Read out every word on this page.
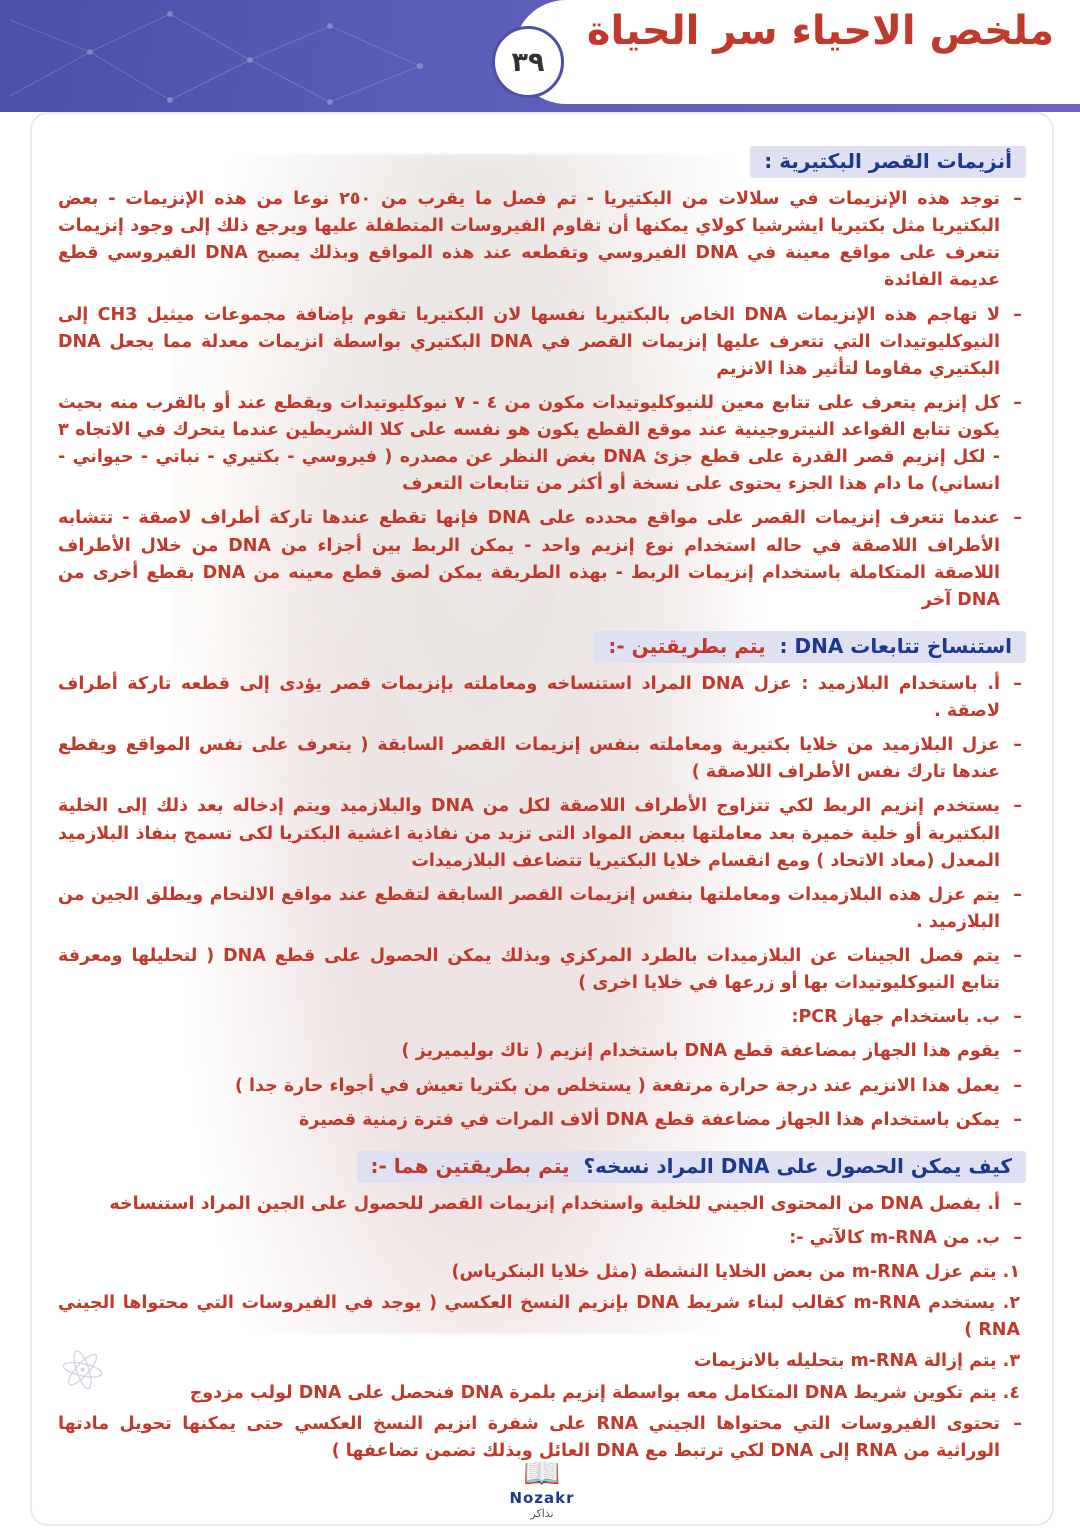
ملخص الاحياء سر الحياة
٣٩
⚛
أنزيمات القصر البكتيرية :
– توجد هذه الإنزيمات في سلالات من البكتيريا - تم فصل ما يقرب من ٢٥٠ نوعا من هذه الإنزيمات - بعض البكتيريا مثل بكتيريا ايشرشيا كولاي يمكنها أن تقاوم الفيروسات المتطفلة عليها ويرجع ذلك إلى وجود إنزيمات تتعرف على مواقع معينة في DNA الفيروسي وتقطعه عند هذه المواقع وبذلك يصبح DNA الفيروسي قطع عديمة الفائدة
– لا تهاجم هذه الإنزيمات DNA الخاص بالبكتيريا نفسها لان البكتيريا تقوم بإضافة مجموعات ميثيل CH3 إلى النيوكليوتيدات التي تتعرف عليها إنزيمات القصر في DNA البكتيري بواسطة انزيمات معدلة مما يجعل DNA البكتيري مقاوما لتأثير هذا الانزيم
– كل إنزيم يتعرف على تتابع معين للنيوكليوتيدات مكون من ٤ - ٧ نيوكليوتيدات ويقطع عند أو بالقرب منه بحيث يكون تتابع القواعد النيتروجينية عند موقع القطع يكون هو نفسه على كلا الشريطين عندما يتحرك في الاتجاه ٣ - لكل إنزيم قصر القدرة على قطع جزئ DNA بغض النظر عن مصدره ( فيروسي - بكتيري - نباتي - حيواني - انساني) ما دام هذا الجزء يحتوى على نسخة أو أكثر من تتابعات التعرف
– عندما تتعرف إنزيمات القصر على مواقع محدده على DNA فإنها تقطع عندها تاركة أطراف لاصقة - تتشابه الأطراف اللاصقة في حاله استخدام نوع إنزيم واحد - يمكن الربط بين أجزاء من DNA من خلال الأطراف اللاصقة المتكاملة باستخدام إنزيمات الربط - بهذه الطريقة يمكن لصق قطع معينه من DNA بقطع أخرى من DNA آخر
استنساخ تتابعات DNA :  يتم بطريقتين -:
– أ. باستخدام البلازميد : عزل DNA المراد استنساخه ومعاملته بإنزيمات قصر يؤدى إلى قطعه تاركة أطراف لاصقة .
– عزل البلازميد من خلايا بكتيرية ومعاملته بنفس إنزيمات القصر السابقة ( يتعرف على نفس المواقع ويقطع عندها تارك نفس الأطراف اللاصقة )
– يستخدم إنزيم الربط لكي تتزاوج الأطراف اللاصقة لكل من DNA والبلازميد ويتم إدخاله بعد ذلك إلى الخلية البكتيرية أو خلية خميرة بعد معاملتها ببعض المواد التى تزيد من نفاذية اغشية البكتريا لكى تسمح بنفاذ البلازميد المعدل (معاد الاتحاد ) ومع انقسام خلايا البكتيريا تتضاعف البلازميدات
– يتم عزل هذه البلازميدات ومعاملتها بنفس إنزيمات القصر السابقة لتقطع عند مواقع الالتحام ويطلق الجين من البلازميد .
– يتم فصل الجينات عن البلازميدات بالطرد المركزي وبذلك يمكن الحصول على قطع DNA ( لتحليلها ومعرفة تتابع النيوكليوتيدات بها أو زرعها في خلايا اخرى )
– ب. باستخدام جهاز PCR:
– يقوم هذا الجهاز بمضاعفة قطع DNA باستخدام إنزيم ( تاك بوليميريز )
– يعمل هذا الانزيم عند درجة حرارة مرتفعة ( يستخلص من بكتريا تعيش في أجواء حارة جدا )
– يمكن باستخدام هذا الجهاز مضاعفة قطع DNA ألاف المرات في فترة زمنية قصيرة
كيف يمكن الحصول على DNA المراد نسخه؟  يتم بطريقتين هما -:
– أ. بفصل DNA من المحتوى الجيني للخلية واستخدام إنزيمات القصر للحصول على الجين المراد استنساخه
– ب. من m-RNA كالآتي -:
١. يتم عزل m-RNA من بعض الخلايا النشطة (مثل خلايا البنكرياس)
٢. يستخدم m-RNA كقالب لبناء شريط DNA بإنزيم النسخ العكسي ( يوجد في الفيروسات التي محتواها الجيني RNA )
٣. يتم إزالة m-RNA بتحليله بالانزيمات
٤. يتم تكوين شريط DNA المتكامل معه بواسطة إنزيم بلمرة DNA فنحصل على DNA لولب مزدوج
– تحتوى الفيروسات التي محتواها الجيني RNA على شفرة انزيم النسخ العكسي حتى يمكنها تحويل مادتها الوراثية من RNA إلى DNA لكي ترتبط مع DNA العائل وبذلك تضمن تضاعفها )
📖
Nozakr
نذاكر
